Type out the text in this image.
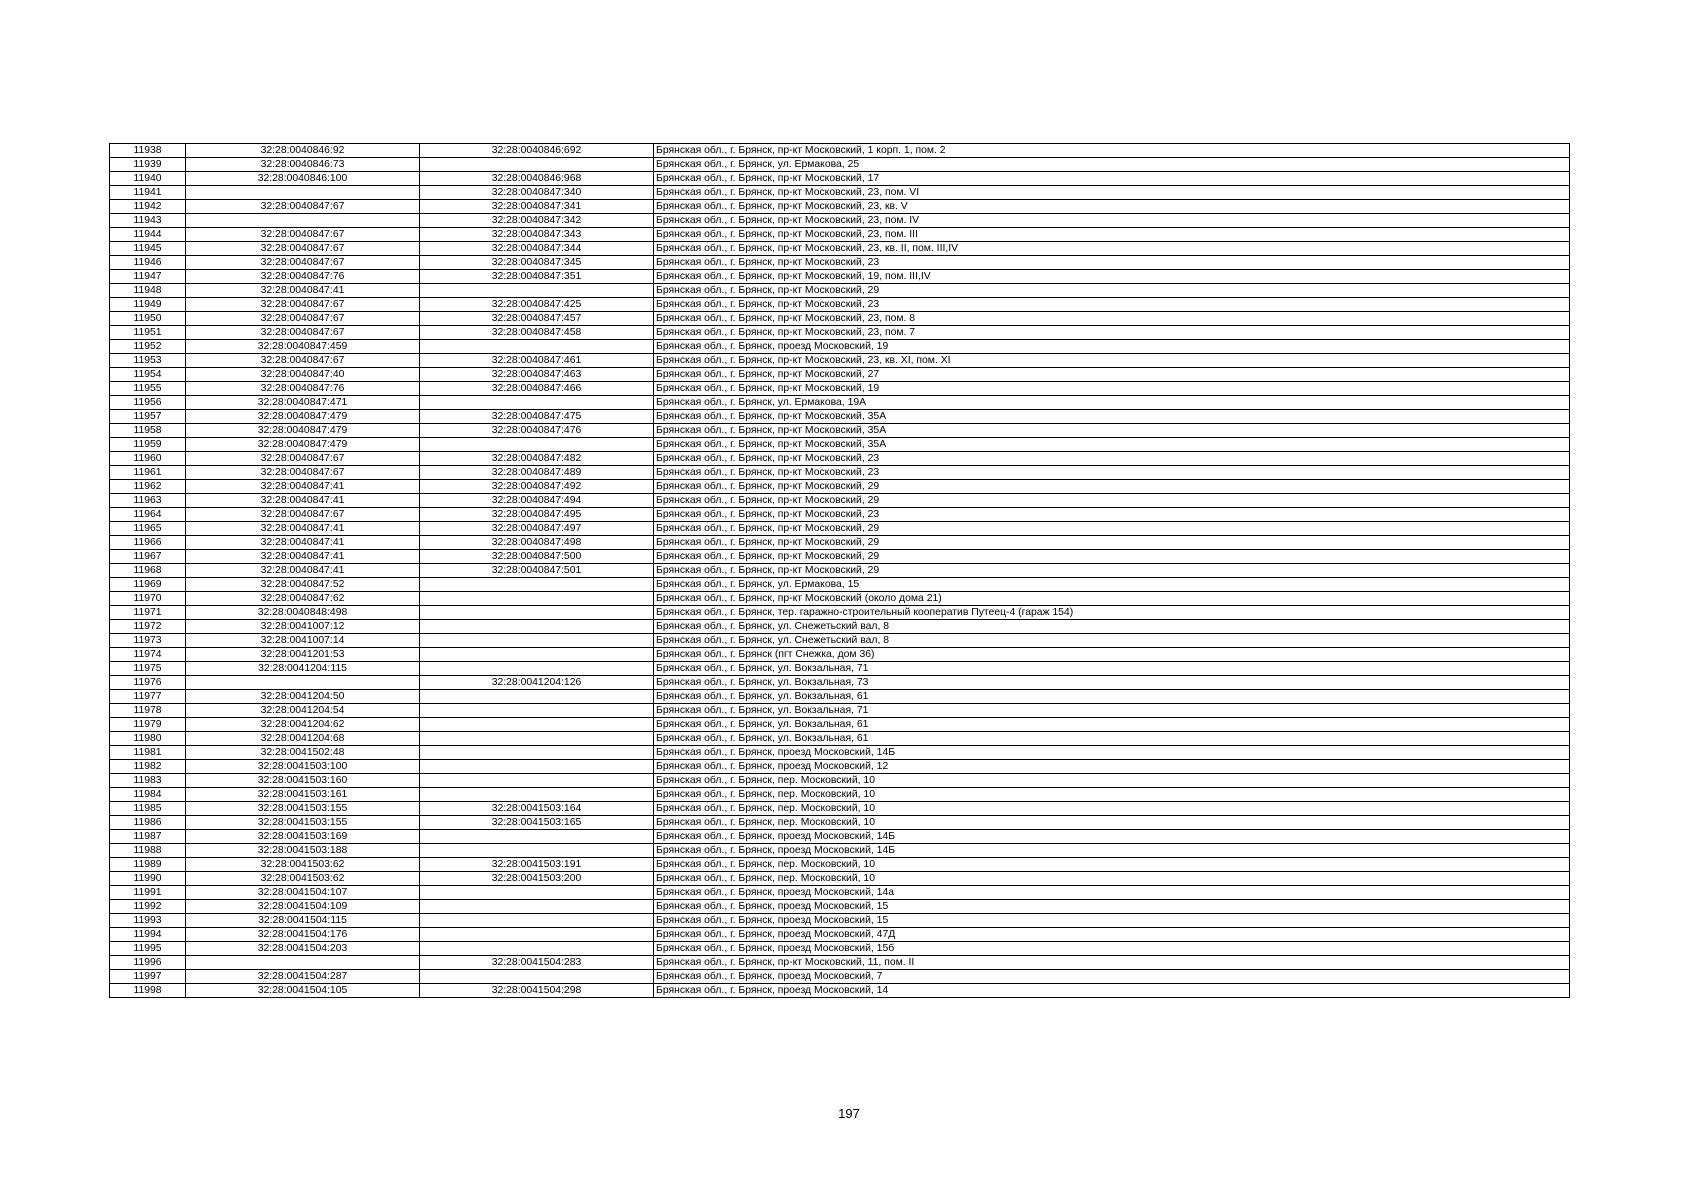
11938	32:28:0040846:92	32:28:0040846:692	Брянская обл., г. Брянск, пр-кт Московский, 1 корп. 1, пом. 2
11939	32:28:0040846:73		Брянская обл., г. Брянск, ул. Ермакова, 25
11940	32:28:0040846:100	32:28:0040846:968	Брянская обл., г. Брянск, пр-кт Московский, 17
11941		32:28:0040847:340	Брянская обл., г. Брянск, пр-кт Московский, 23, пом. VI
11942	32:28:0040847:67	32:28:0040847:341	Брянская обл., г. Брянск, пр-кт Московский, 23, кв. V
11943		32:28:0040847:342	Брянская обл., г. Брянск, пр-кт Московский, 23, пом. IV
11944	32:28:0040847:67	32:28:0040847:343	Брянская обл., г. Брянск, пр-кт Московский, 23, пом. III
11945	32:28:0040847:67	32:28:0040847:344	Брянская обл., г. Брянск, пр-кт Московский, 23, кв. II, пом. III,IV
11946	32:28:0040847:67	32:28:0040847:345	Брянская обл., г. Брянск, пр-кт Московский, 23
11947	32:28:0040847:76	32:28:0040847:351	Брянская обл., г. Брянск, пр-кт Московский, 19, пом. III,IV
11948	32:28:0040847:41		Брянская обл., г. Брянск, пр-кт Московский, 29
11949	32:28:0040847:67	32:28:0040847:425	Брянская обл., г. Брянск, пр-кт Московский, 23
11950	32:28:0040847:67	32:28:0040847:457	Брянская обл., г. Брянск, пр-кт Московский, 23, пом. 8
11951	32:28:0040847:67	32:28:0040847:458	Брянская обл., г. Брянск, пр-кт Московский, 23, пом. 7
11952	32:28:0040847:459		Брянская обл., г. Брянск, проезд Московский, 19
11953	32:28:0040847:67	32:28:0040847:461	Брянская обл., г. Брянск, пр-кт Московский, 23, кв. XI, пом. XI
11954	32:28:0040847:40	32:28:0040847:463	Брянская обл., г. Брянск, пр-кт Московский, 27
11955	32:28:0040847:76	32:28:0040847:466	Брянская обл., г. Брянск, пр-кт Московский, 19
11956	32:28:0040847:471		Брянская обл., г. Брянск, ул. Ермакова, 19А
11957	32:28:0040847:479	32:28:0040847:475	Брянская обл., г. Брянск, пр-кт Московский, 35А
11958	32:28:0040847:479	32:28:0040847:476	Брянская обл., г. Брянск, пр-кт Московский, 35А
11959	32:28:0040847:479		Брянская обл., г. Брянск, пр-кт Московский, 35А
11960	32:28:0040847:67	32:28:0040847:482	Брянская обл., г. Брянск, пр-кт Московский, 23
11961	32:28:0040847:67	32:28:0040847:489	Брянская обл., г. Брянск, пр-кт Московский, 23
11962	32:28:0040847:41	32:28:0040847:492	Брянская обл., г. Брянск, пр-кт Московский, 29
11963	32:28:0040847:41	32:28:0040847:494	Брянская обл., г. Брянск, пр-кт Московский, 29
11964	32:28:0040847:67	32:28:0040847:495	Брянская обл., г. Брянск, пр-кт Московский, 23
11965	32:28:0040847:41	32:28:0040847:497	Брянская обл., г. Брянск, пр-кт Московский, 29
11966	32:28:0040847:41	32:28:0040847:498	Брянская обл., г. Брянск, пр-кт Московский, 29
11967	32:28:0040847:41	32:28:0040847:500	Брянская обл., г. Брянск, пр-кт Московский, 29
11968	32:28:0040847:41	32:28:0040847:501	Брянская обл., г. Брянск, пр-кт Московский, 29
11969	32:28:0040847:52		Брянская обл., г. Брянск, ул. Ермакова, 15
11970	32:28:0040847:62		Брянская обл., г. Брянск, пр-кт Московский (около дома 21)
11971	32:28:0040848:498		Брянская обл., г. Брянск, тер. гаражно-строительный кооператив Путеец-4 (гараж 154)
11972	32:28:0041007:12		Брянская обл., г. Брянск, ул. Снежетьский вал, 8
11973	32:28:0041007:14		Брянская обл., г. Брянск, ул. Снежетьский вал, 8
11974	32:28:0041201:53		Брянская обл., г. Брянск (пгт Снежка, дом 36)
11975	32:28:0041204:115		Брянская обл., г. Брянск, ул. Вокзальная, 71
11976		32:28:0041204:126	Брянская обл., г. Брянск, ул. Вокзальная, 73
11977	32:28:0041204:50		Брянская обл., г. Брянск, ул. Вокзальная, 61
11978	32:28:0041204:54		Брянская обл., г. Брянск, ул. Вокзальная, 71
11979	32:28:0041204:62		Брянская обл., г. Брянск, ул. Вокзальная, 61
11980	32:28:0041204:68		Брянская обл., г. Брянск, ул. Вокзальная, 61
11981	32:28:0041502:48		Брянская обл., г. Брянск, проезд Московский, 14Б
11982	32:28:0041503:100		Брянская обл., г. Брянск, проезд Московский, 12
11983	32:28:0041503:160		Брянская обл., г. Брянск, пер. Московский, 10
11984	32:28:0041503:161		Брянская обл., г. Брянск, пер. Московский, 10
11985	32:28:0041503:155	32:28:0041503:164	Брянская обл., г. Брянск, пер. Московский, 10
11986	32:28:0041503:155	32:28:0041503:165	Брянская обл., г. Брянск, пер. Московский, 10
11987	32:28:0041503:169		Брянская обл., г. Брянск, проезд Московский, 14Б
11988	32:28:0041503:188		Брянская обл., г. Брянск, проезд Московский, 14Б
11989	32:28:0041503:62	32:28:0041503:191	Брянская обл., г. Брянск, пер. Московский, 10
11990	32:28:0041503:62	32:28:0041503:200	Брянская обл., г. Брянск, пер. Московский, 10
11991	32:28:0041504:107		Брянская обл., г. Брянск, проезд Московский, 14а
11992	32:28:0041504:109		Брянская обл., г. Брянск, проезд Московский, 15
11993	32:28:0041504:115		Брянская обл., г. Брянск, проезд Московский, 15
11994	32:28:0041504:176		Брянская обл., г. Брянск, проезд Московский, 47Д
11995	32:28:0041504:203		Брянская обл., г. Брянск, проезд Московский, 15б
11996		32:28:0041504:283	Брянская обл., г. Брянск, пр-кт Московский, 11, пом. II
11997	32:28:0041504:287		Брянская обл., г. Брянск, проезд Московский, 7
11998	32:28:0041504:105	32:28:0041504:298	Брянская обл., г. Брянск, проезд Московский, 14
197
